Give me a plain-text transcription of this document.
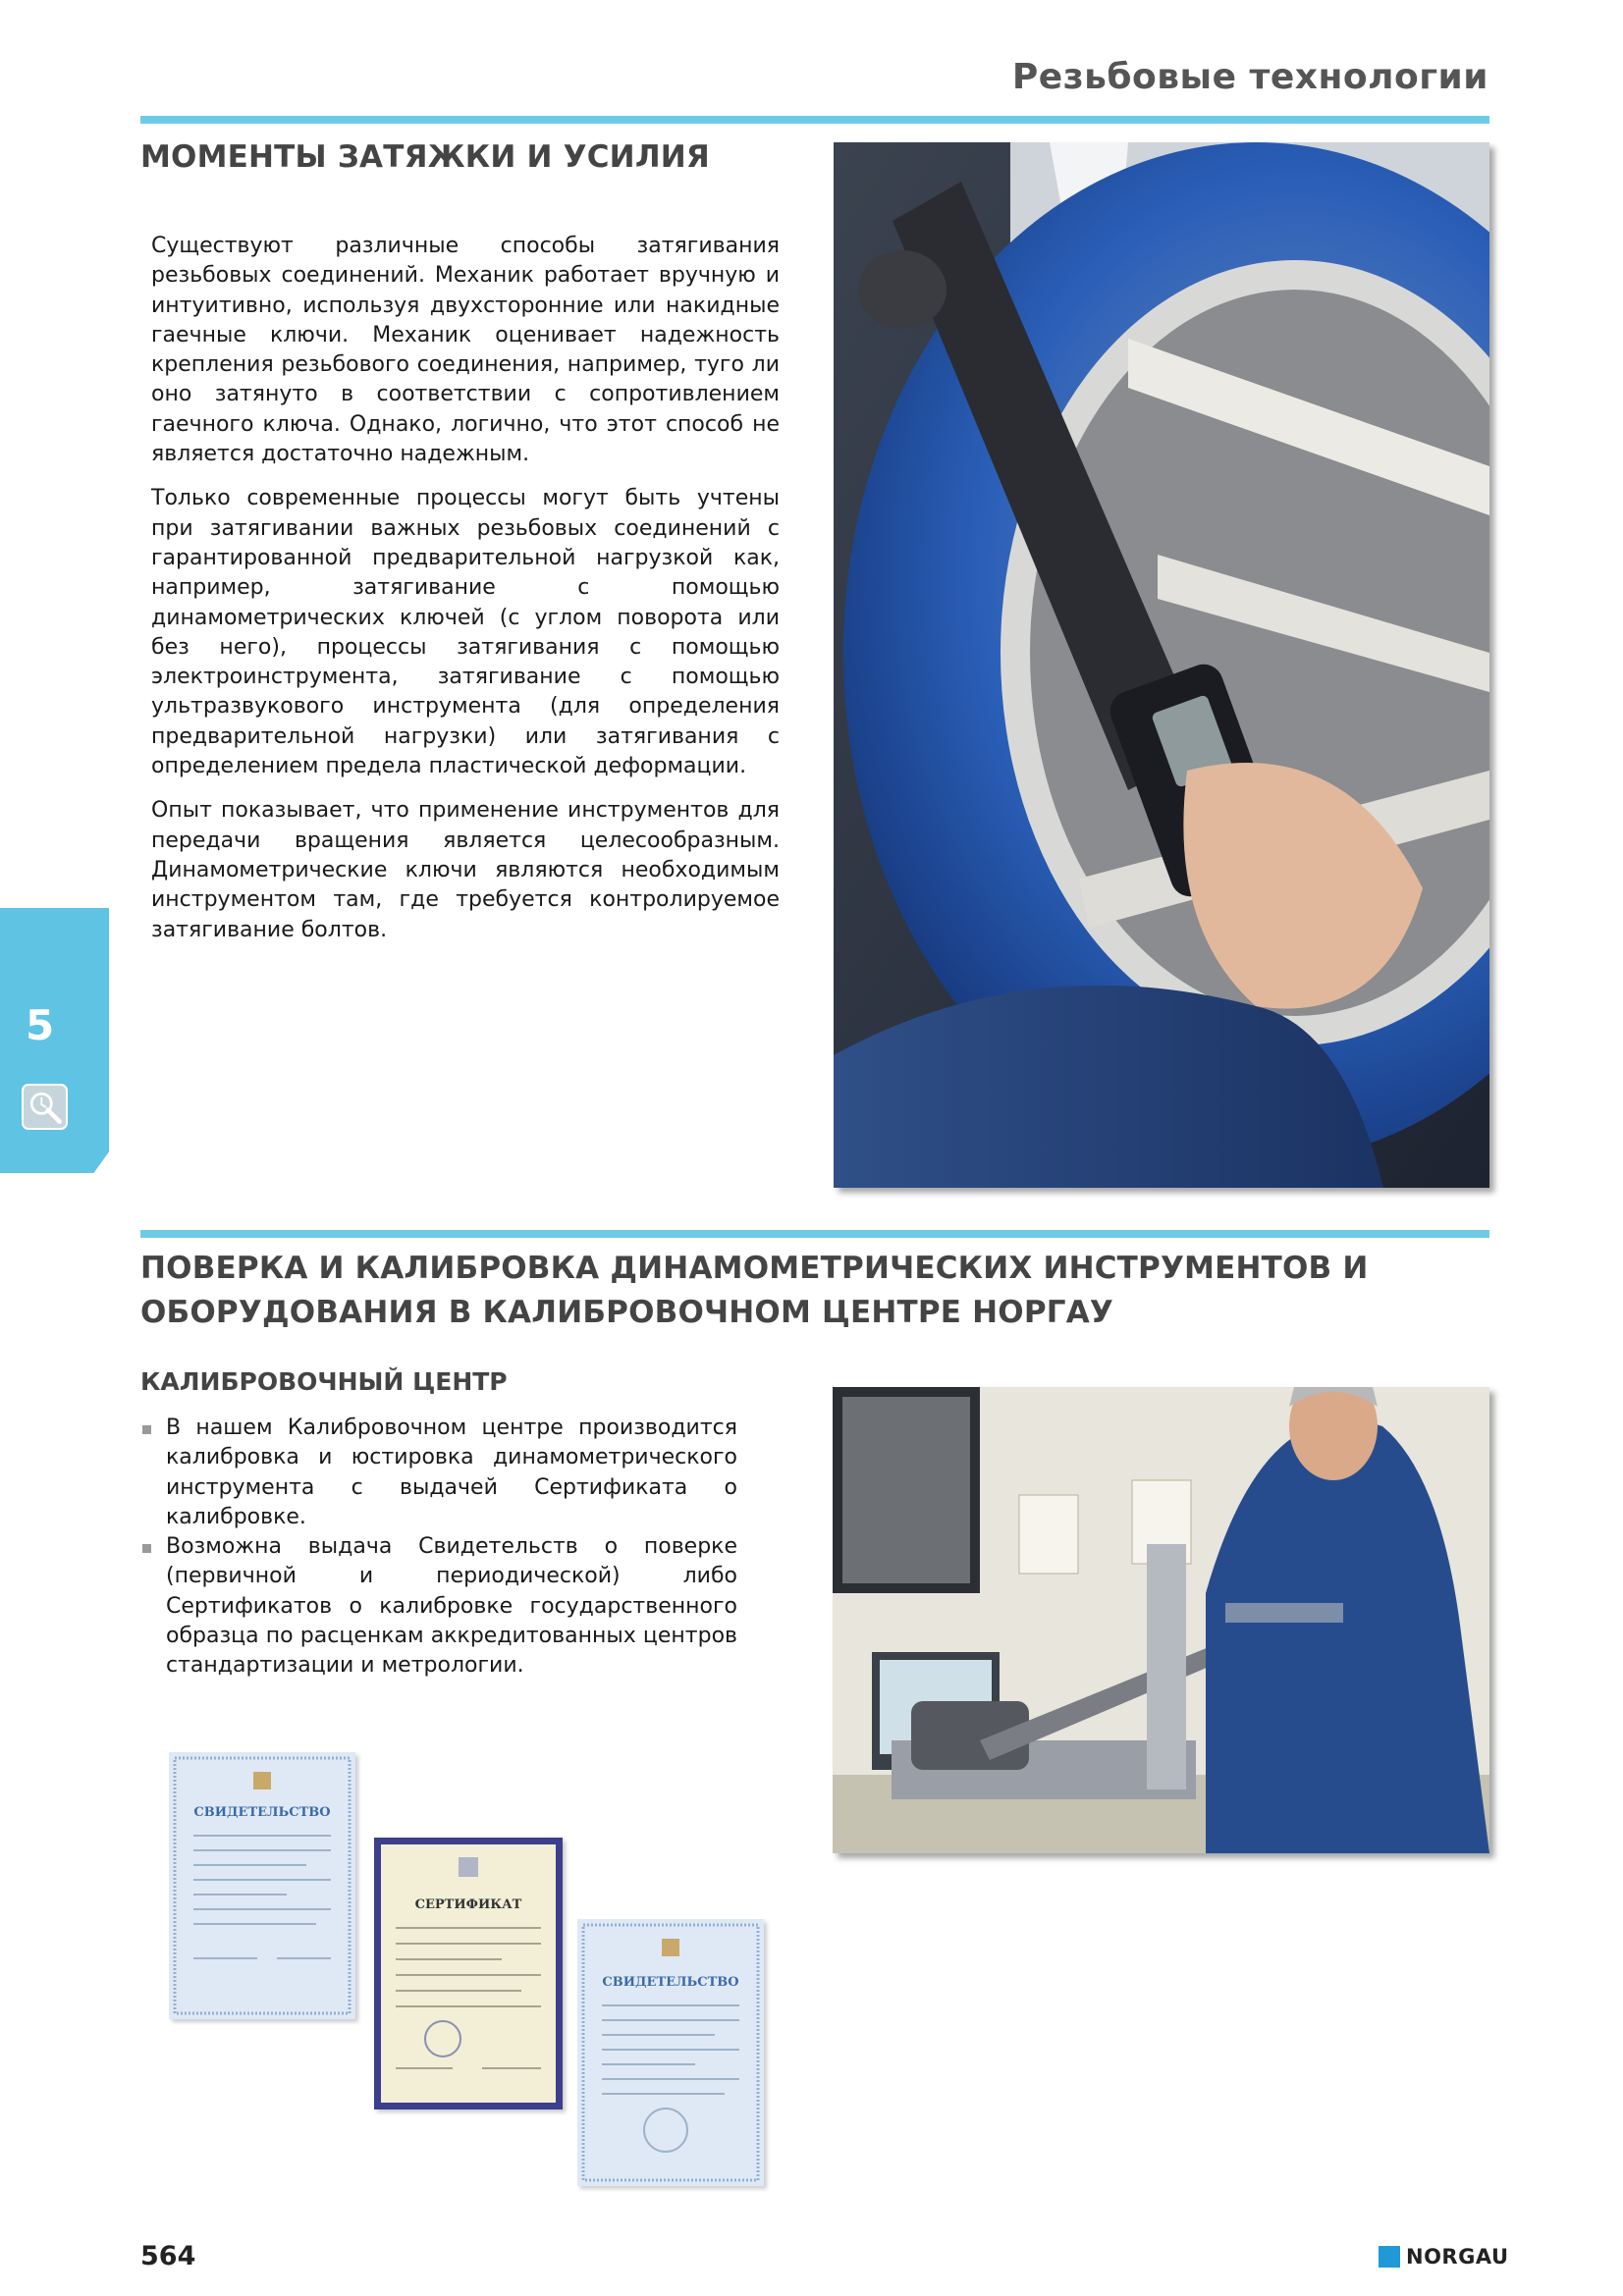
Резьбовые технологии
МОМЕНТЫ ЗАТЯЖКИ И УСИЛИЯ

Существуют различные способы затягивания резьбовых соединений. Механик работает вручную и интуитивно, используя двухсторонние или накидные гаечные ключи. Механик оценивает надежность крепления резьбового соединения, например, туго ли оно затянуто в соответствии с сопротивлением гаечного ключа. Однако, логично, что этот способ не является достаточно надежным.

Только современные процессы могут быть учтены при затягивании важных резьбовых соединений с гарантированной предварительной нагрузкой как, например, затягивание с помощью динамометрических ключей (с углом поворота или без него), процессы затягивания с помощью электроинструмента, затягивание с помощью ультразвукового инструмента (для определения предварительной нагрузки) или затягивания с определением предела пластической деформации.

Опыт показывает, что применение инструментов для передачи вращения является целесообразным. Динамометрические ключи являются необходимым инструментом там, где требуется контролируемое затягивание болтов.

5
ПОВЕРКА И КАЛИБРОВКА ДИНАМОМЕТРИЧЕСКИХ ИНСТРУМЕНТОВ И
ОБОРУДОВАНИЯ В КАЛИБРОВОЧНОМ ЦЕНТРЕ НОРГАУ
КАЛИБРОВОЧНЫЙ ЦЕНТР
В нашем Калибровочном центре производится калибровка и юстировка динамометрического инструмента с выдачей Сертификата о калибровке.
Возможна выдача Свидетельств о поверке (первичной и периодической) либо Сертификатов о калибровке государственного образца по расценкам аккредитованных центров стандартизации и метрологии.
СВИДЕТЕЛЬСТВО
СЕРТИФИКАТ
СВИДЕТЕЛЬСТВО
564	NORGAU
